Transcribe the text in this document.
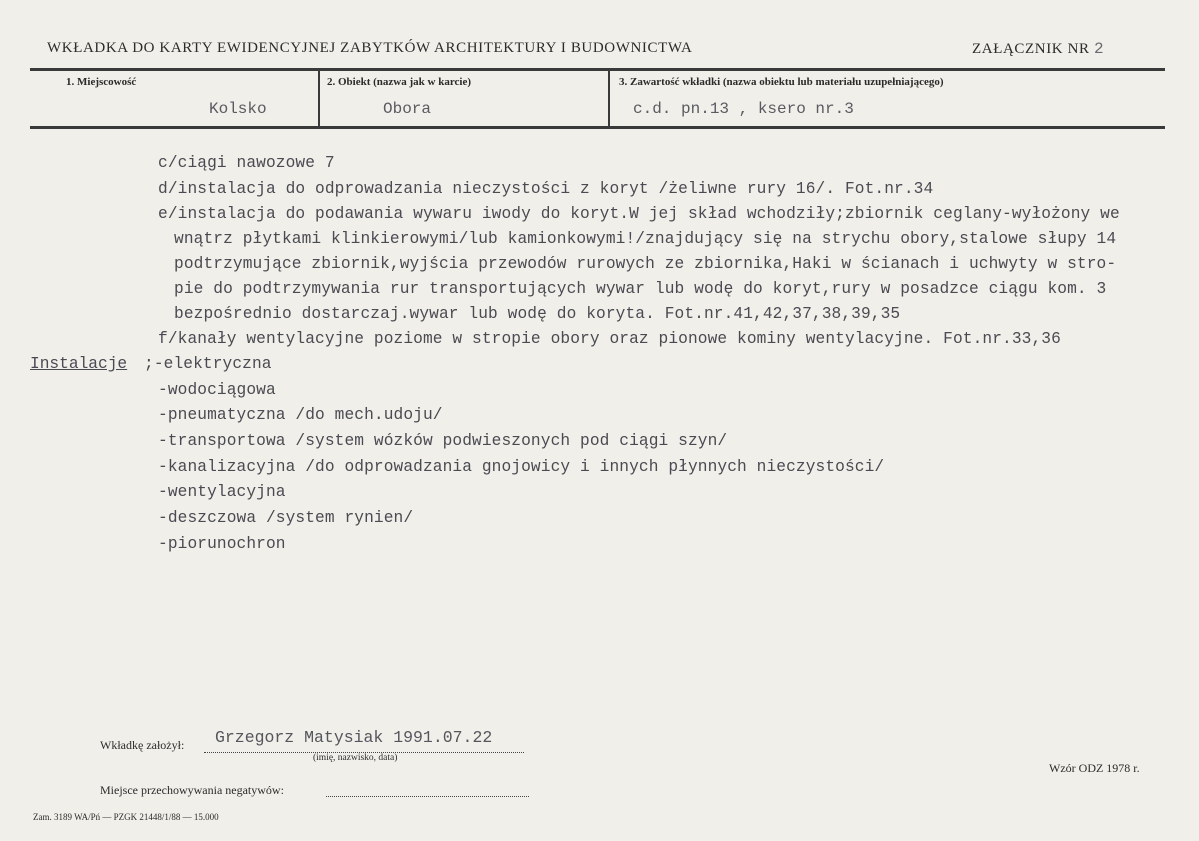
WKŁADKA DO KARTY EWIDENCYJNEJ ZABYTKÓW ARCHITEKTURY I BUDOWNICTWA	ZAŁĄCZNIK NR 2
1. Miejscowość
Kolsko
2. Obiekt (nazwa jak w karcie)
Obora
3. Zawartość wkładki (nazwa obiektu lub materiału uzupełniającego)
c.d. pn.13 , ksero nr.3
c/ciągi nawozowe 7
d/instalacja do odprowadzania nieczystości z koryt /żeliwne rury 16/. Fot.nr.34
e/instalacja do podawania wywaru iwody do koryt.W jej skład wchodziły;zbiornik ceglany-wyłożony we
wnątrz płytkami klinkierowymi/lub kamionkowymi!/znajdujący się na strychu obory,stalowe słupy 14
podtrzymujące zbiornik,wyjścia przewodów rurowych ze zbiornika,Haki w ścianach i uchwyty w stro-
pie do podtrzymywania rur transportujących wywar lub wodę do koryt,rury w posadzce ciągu kom. 3
bezpośrednio dostarczaj.wywar lub wodę do koryta. Fot.nr.41,42,37,38,39,35
f/kanały wentylacyjne poziome w stropie obory oraz pionowe kominy wentylacyjne. Fot.nr.33,36
Instalacje ;-elektryczna
-wodociągowa
-pneumatyczna /do mech.udoju/
-transportowa /system wózków podwieszonych pod ciągi szyn/
-kanalizacyjna /do odprowadzania gnojowicy i innych płynnych nieczystości/
-wentylacyjna
-deszczowa /system rynien/
-piorunochron
Wkładkę założył: Grzegorz Matysiak 1991.07.22
(imię, nazwisko, data)
Miejsce przechowywania negatywów:
Wzór ODZ 1978 r.
Zam. 3189 WA/Pń — PZGK 21448/1/88 — 15.000
